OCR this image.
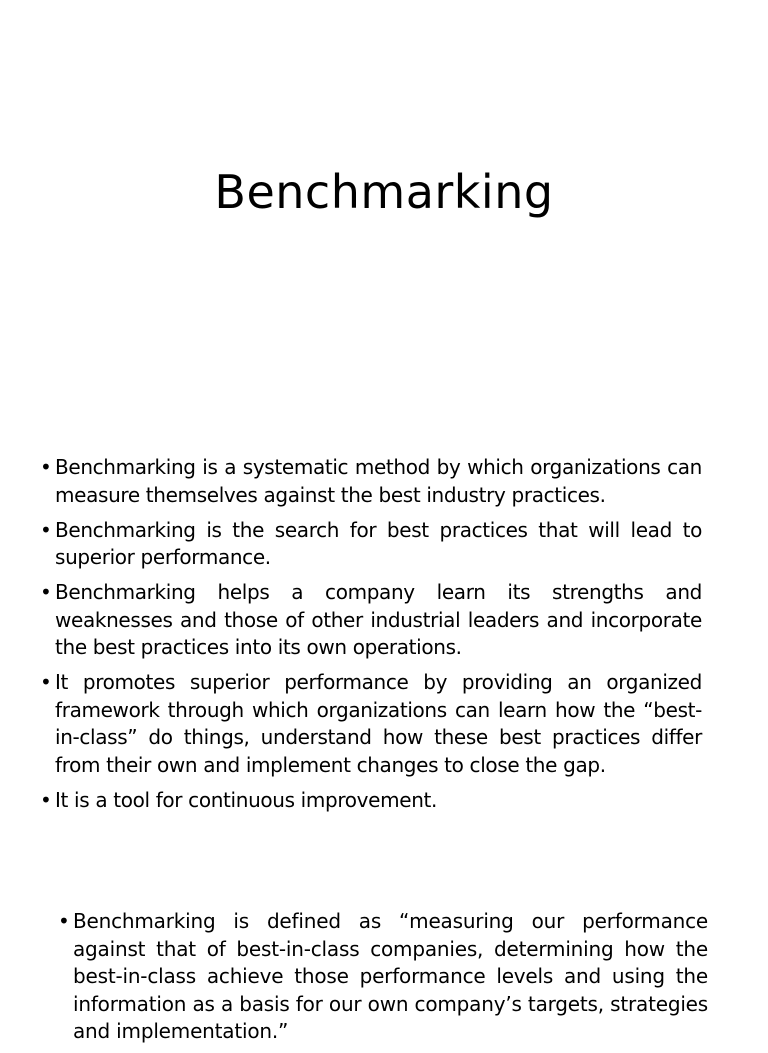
Benchmarking
• Benchmarking is a systematic method by which organizations can measure themselves against the best industry practices.
• Benchmarking is the search for best practices that will lead to superior performance.
• Benchmarking helps a company learn its strengths and weaknesses and those of other industrial leaders and incorporate the best practices into its own operations.
• It promotes superior performance by providing an organized framework through which organizations can learn how the “best-in-class” do things, understand how these best practices differ from their own and implement changes to close the gap.
• It is a tool for continuous improvement.
• Benchmarking is defined as “measuring our performance against that of best-in-class companies, determining how the best-in-class achieve those performance levels and using the information as a basis for our own company’s targets, strategies and implementation.”
